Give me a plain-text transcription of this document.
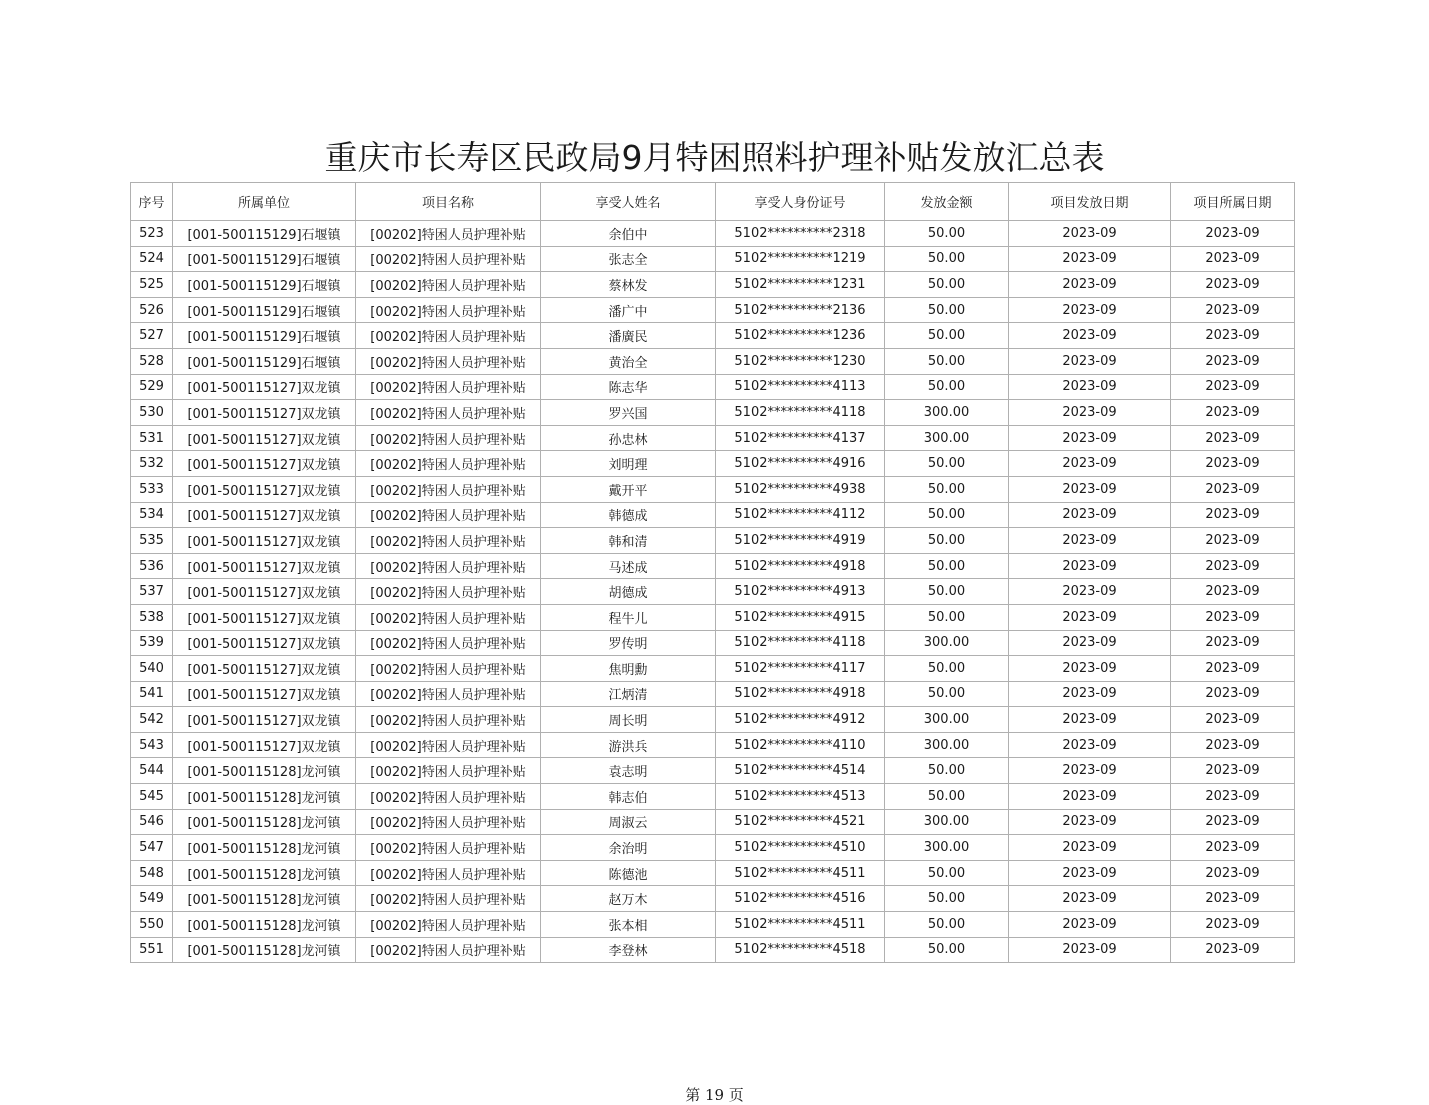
重庆市长寿区民政局9月特困照料护理补贴发放汇总表
序号	所属单位	项目名称	享受人姓名	享受人身份证号	发放金额	项目发放日期	项目所属日期
523	[001-500115129]石堰镇	[00202]特困人员护理补贴	余伯中	5102**********2318	50.00	2023-09	2023-09
524	[001-500115129]石堰镇	[00202]特困人员护理补贴	张志全	5102**********1219	50.00	2023-09	2023-09
525	[001-500115129]石堰镇	[00202]特困人员护理补贴	蔡林发	5102**********1231	50.00	2023-09	2023-09
526	[001-500115129]石堰镇	[00202]特困人员护理补贴	潘广中	5102**********2136	50.00	2023-09	2023-09
527	[001-500115129]石堰镇	[00202]特困人员护理补贴	潘廣民	5102**********1236	50.00	2023-09	2023-09
528	[001-500115129]石堰镇	[00202]特困人员护理补贴	黄治全	5102**********1230	50.00	2023-09	2023-09
529	[001-500115127]双龙镇	[00202]特困人员护理补贴	陈志华	5102**********4113	50.00	2023-09	2023-09
530	[001-500115127]双龙镇	[00202]特困人员护理补贴	罗兴国	5102**********4118	300.00	2023-09	2023-09
531	[001-500115127]双龙镇	[00202]特困人员护理补贴	孙忠林	5102**********4137	300.00	2023-09	2023-09
532	[001-500115127]双龙镇	[00202]特困人员护理补贴	刘明理	5102**********4916	50.00	2023-09	2023-09
533	[001-500115127]双龙镇	[00202]特困人员护理补贴	戴开平	5102**********4938	50.00	2023-09	2023-09
534	[001-500115127]双龙镇	[00202]特困人员护理补贴	韩德成	5102**********4112	50.00	2023-09	2023-09
535	[001-500115127]双龙镇	[00202]特困人员护理补贴	韩和清	5102**********4919	50.00	2023-09	2023-09
536	[001-500115127]双龙镇	[00202]特困人员护理补贴	马述成	5102**********4918	50.00	2023-09	2023-09
537	[001-500115127]双龙镇	[00202]特困人员护理补贴	胡德成	5102**********4913	50.00	2023-09	2023-09
538	[001-500115127]双龙镇	[00202]特困人员护理补贴	程牛儿	5102**********4915	50.00	2023-09	2023-09
539	[001-500115127]双龙镇	[00202]特困人员护理补贴	罗传明	5102**********4118	300.00	2023-09	2023-09
540	[001-500115127]双龙镇	[00202]特困人员护理补贴	焦明勳	5102**********4117	50.00	2023-09	2023-09
541	[001-500115127]双龙镇	[00202]特困人员护理补贴	江炳清	5102**********4918	50.00	2023-09	2023-09
542	[001-500115127]双龙镇	[00202]特困人员护理补贴	周长明	5102**********4912	300.00	2023-09	2023-09
543	[001-500115127]双龙镇	[00202]特困人员护理补贴	游洪兵	5102**********4110	300.00	2023-09	2023-09
544	[001-500115128]龙河镇	[00202]特困人员护理补贴	袁志明	5102**********4514	50.00	2023-09	2023-09
545	[001-500115128]龙河镇	[00202]特困人员护理补贴	韩志伯	5102**********4513	50.00	2023-09	2023-09
546	[001-500115128]龙河镇	[00202]特困人员护理补贴	周淑云	5102**********4521	300.00	2023-09	2023-09
547	[001-500115128]龙河镇	[00202]特困人员护理补贴	余治明	5102**********4510	300.00	2023-09	2023-09
548	[001-500115128]龙河镇	[00202]特困人员护理补贴	陈德池	5102**********4511	50.00	2023-09	2023-09
549	[001-500115128]龙河镇	[00202]特困人员护理补贴	赵万木	5102**********4516	50.00	2023-09	2023-09
550	[001-500115128]龙河镇	[00202]特困人员护理补贴	张本相	5102**********4511	50.00	2023-09	2023-09
551	[001-500115128]龙河镇	[00202]特困人员护理补贴	李登林	5102**********4518	50.00	2023-09	2023-09
第 19 页
